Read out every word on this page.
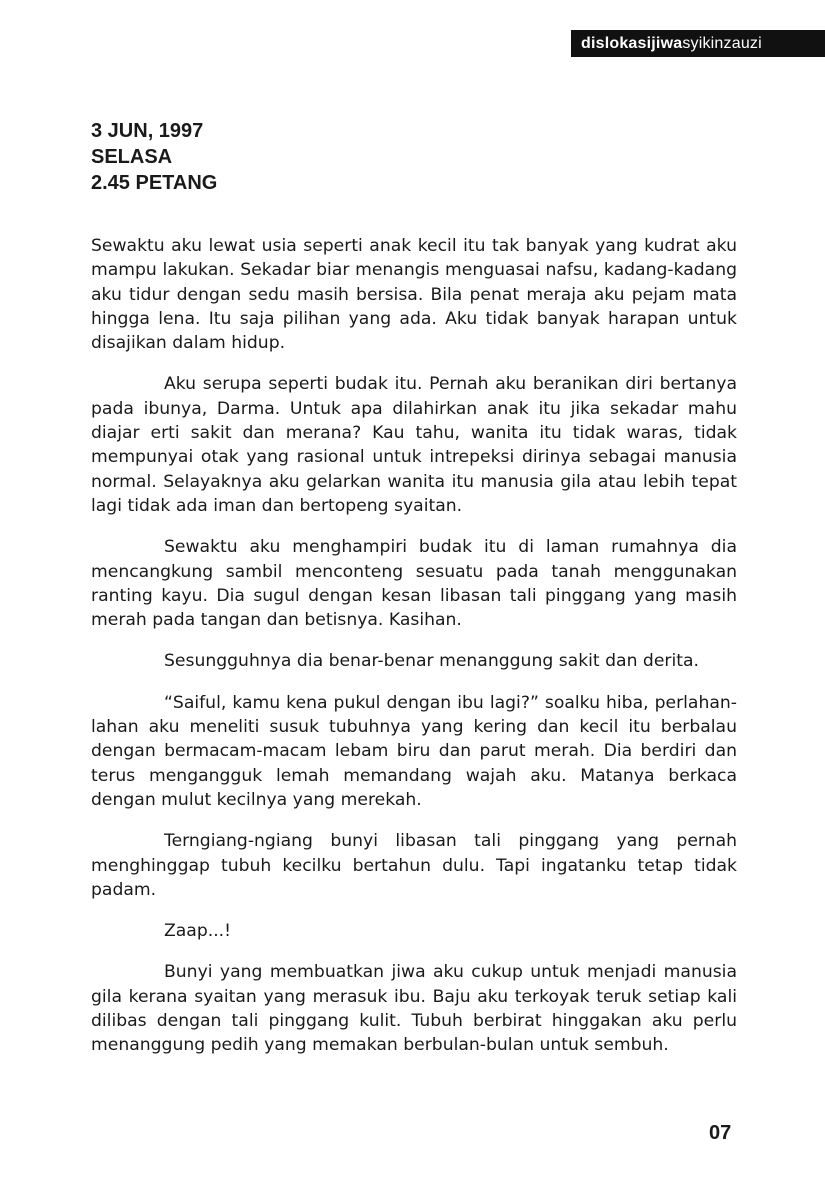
dislokasijiwa syikinzauzi
3 JUN, 1997
SELASA
2.45 PETANG

Sewaktu aku lewat usia seperti anak kecil itu tak banyak yang kudrat aku mampu lakukan. Sekadar biar menangis menguasai nafsu, kadang-kadang aku tidur dengan sedu masih bersisa. Bila penat meraja aku pejam mata hingga lena. Itu saja pilihan yang ada. Aku tidak banyak harapan untuk disajikan dalam hidup.

Aku serupa seperti budak itu. Pernah aku beranikan diri bertanya pada ibunya, Darma. Untuk apa dilahirkan anak itu jika sekadar mahu diajar erti sakit dan merana? Kau tahu, wanita itu tidak waras, tidak mempunyai otak yang rasional untuk intrepeksi dirinya sebagai manusia normal. Selayaknya aku gelarkan wanita itu manusia gila atau lebih tepat lagi tidak ada iman dan bertopeng syaitan.

Sewaktu aku menghampiri budak itu di laman rumahnya dia mencangkung sambil menconteng sesuatu pada tanah menggunakan ranting kayu. Dia sugul dengan kesan libasan tali pinggang yang masih merah pada tangan dan betisnya. Kasihan.

Sesungguhnya dia benar-benar menanggung sakit dan derita.

“Saiful, kamu kena pukul dengan ibu lagi?” soalku hiba, perlahan-lahan aku meneliti susuk tubuhnya yang kering dan kecil itu berbalau dengan bermacam-macam lebam biru dan parut merah. Dia berdiri dan terus mengangguk lemah memandang wajah aku. Matanya berkaca dengan mulut kecilnya yang merekah.

Terngiang-ngiang bunyi libasan tali pinggang yang pernah menghinggap tubuh kecilku bertahun dulu. Tapi ingatanku tetap tidak padam.

Zaap...!

Bunyi yang membuatkan jiwa aku cukup untuk menjadi manusia gila kerana syaitan yang merasuk ibu. Baju aku terkoyak teruk setiap kali dilibas dengan tali pinggang kulit. Tubuh berbirat hinggakan aku perlu menanggung pedih yang memakan berbulan-bulan untuk sembuh.

07
